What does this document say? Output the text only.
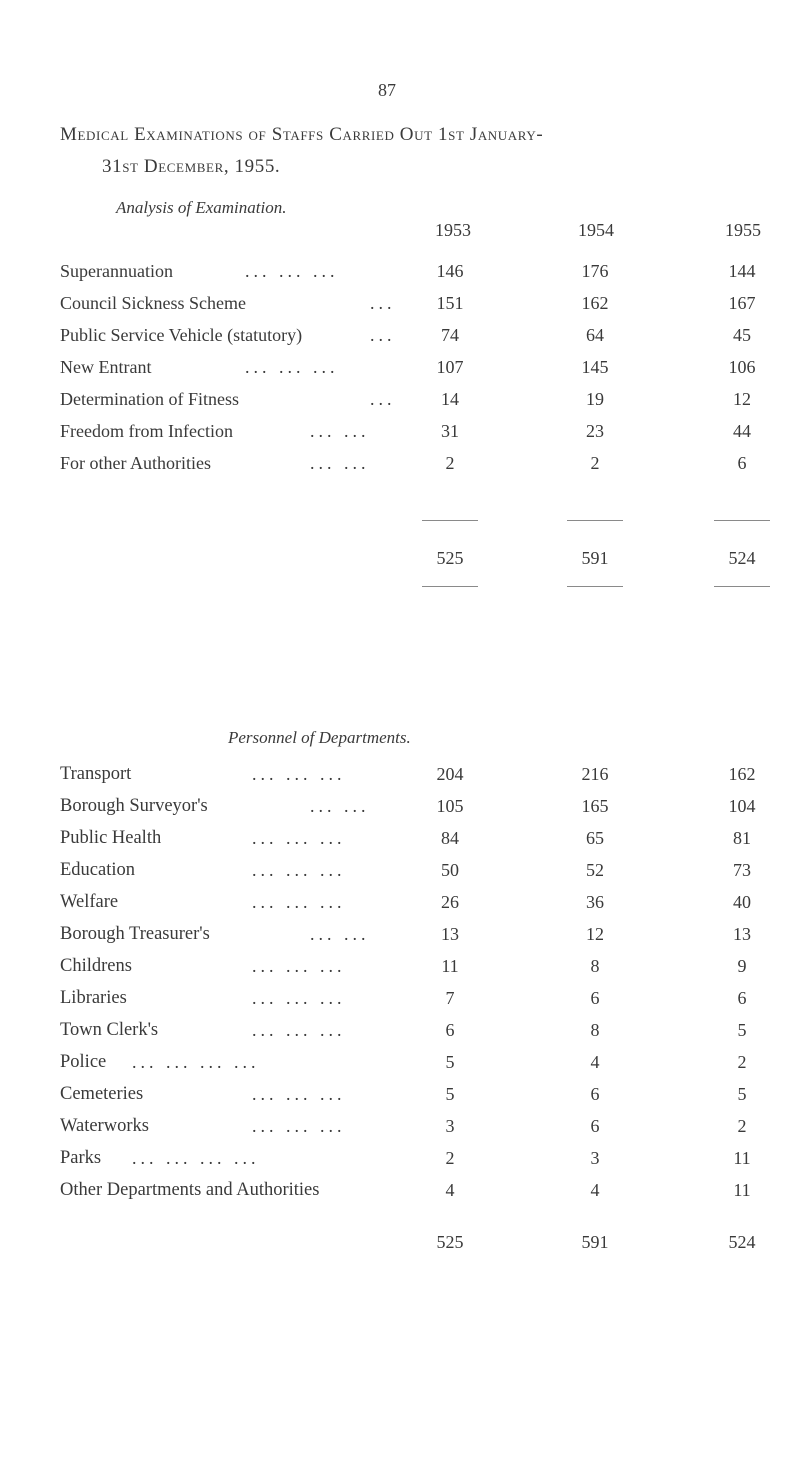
87
Medical Examinations of Staffs Carried Out 1st January-
31st December, 1955.
Analysis of Examination.
1953	1954	1955
Superannuation	... ... ...	146	176	144
Council Sickness Scheme	...	151	162	167
Public Service Vehicle (statutory)	...	74	64	45
New Entrant	... ... ...	107	145	106
Determination of Fitness	...	14	19	12
Freedom from Infection	... ...	31	23	44
For other Authorities	... ...	2	2	6
525	591	524
Personnel of Departments.
Transport	... ... ...	204	216	162
Borough Surveyor's	... ...	105	165	104
Public Health	... ... ...	84	65	81
Education	... ... ...	50	52	73
Welfare	... ... ...	26	36	40
Borough Treasurer's	... ...	13	12	13
Childrens	... ... ...	11	8	9
Libraries	... ... ...	7	6	6
Town Clerk's	... ... ...	6	8	5
Police ... ... ... ...	5	4	2
Cemeteries	... ... ...	5	6	5
Waterworks	... ... ...	3	6	2
Parks ... ... ... ...	2	3	11
Other Departments and Authorities	4	4	11
525	591	524
